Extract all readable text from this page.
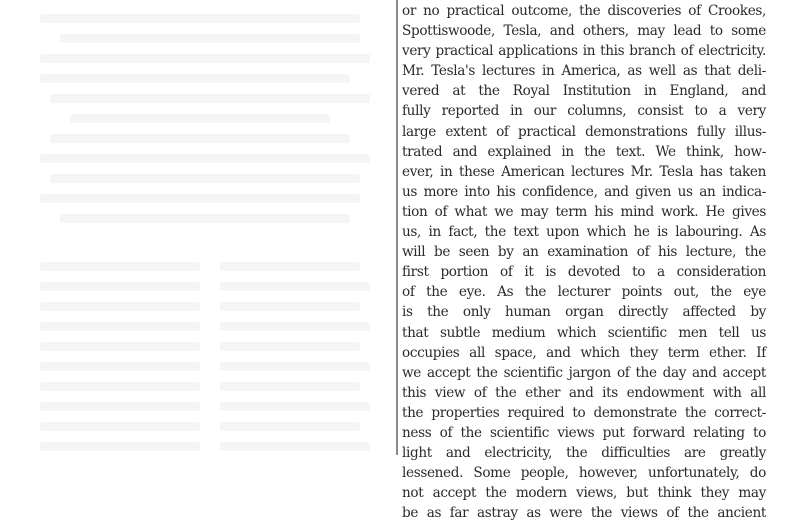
or no practical outcome, the discoveries of Crookes,
Spottiswoode, Tesla, and others, may lead to some
very practical applications in this branch of electricity.
Mr. Tesla's lectures in America, as well as that deli-
vered at the Royal Institution in England, and
fully reported in our columns, consist to a very
large extent of practical demonstrations fully illus-
trated and explained in the text. We think, how-
ever, in these American lectures Mr. Tesla has taken
us more into his confidence, and given us an indica-
tion of what we may term his mind work. He gives
us, in fact, the text upon which he is labouring. As
will be seen by an examination of his lecture, the
first portion of it is devoted to a consideration
of the eye. As the lecturer points out, the eye
is the only human organ directly affected by
that subtle medium which scientific men tell us
occupies all space, and which they term ether. If
we accept the scientific jargon of the day and accept
this view of the ether and its endowment with all
the properties required to demonstrate the correct-
ness of the scientific views put forward relating to
light and electricity, the difficulties are greatly
lessened. Some people, however, unfortunately, do
not accept the modern views, but think they may
be as far astray as were the views of the ancient
